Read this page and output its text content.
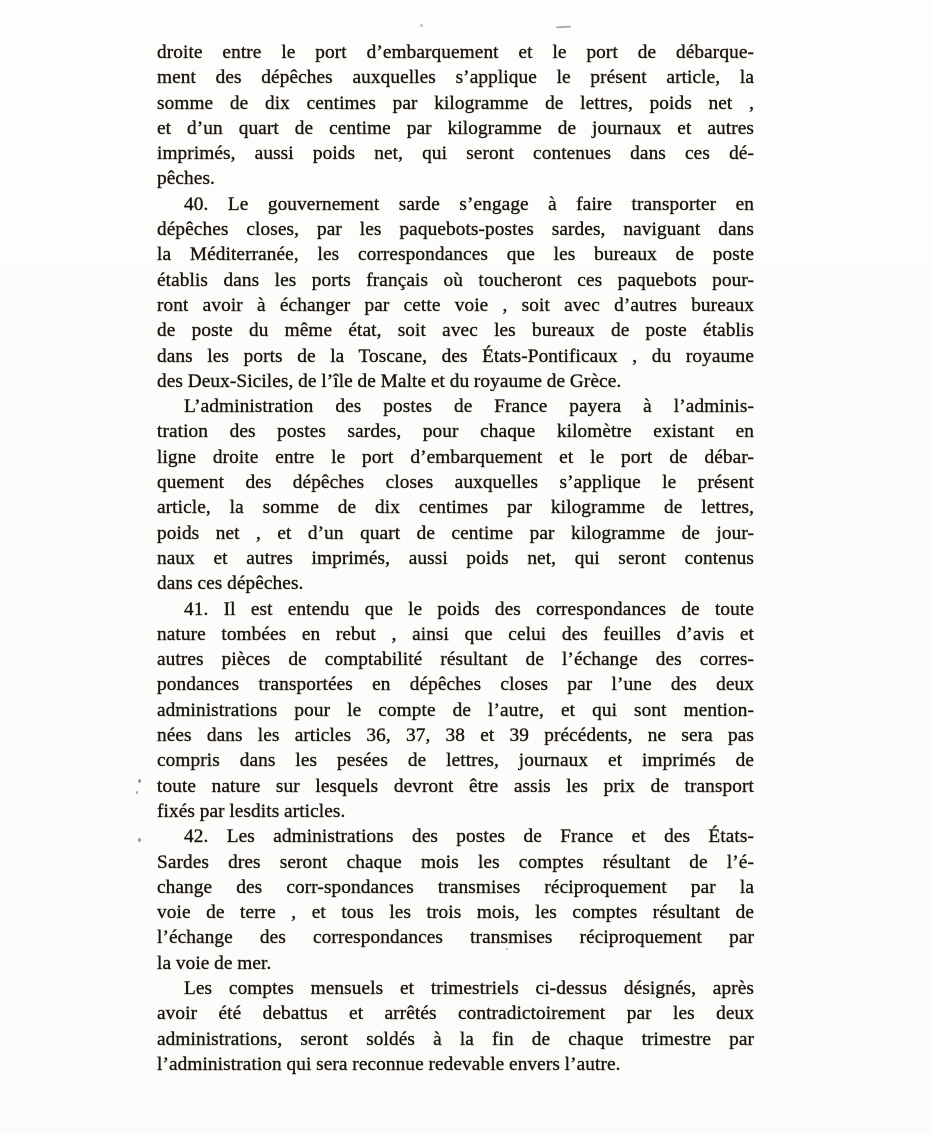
droite entre le port d’embarquement et le port de débarque-
ment des dépêches auxquelles s’applique le présent article, la
somme de dix centimes par kilogramme de lettres, poids net ,
et d’un quart de centime par kilogramme de journaux et autres
imprimés, aussi poids net, qui seront contenues dans ces dé-
pêches.
40. Le gouvernement sarde s’engage à faire transporter en
dépêches closes, par les paquebots-postes sardes, naviguant dans
la Méditerranée, les correspondances que les bureaux de poste
établis dans les ports français où toucheront ces paquebots pour-
ront avoir à échanger par cette voie , soit avec d’autres bureaux
de poste du même état, soit avec les bureaux de poste établis
dans les ports de la Toscane, des États-Pontificaux , du royaume
des Deux-Siciles, de l’île de Malte et du royaume de Grèce.
L’administration des postes de France payera à l’adminis-
tration des postes sardes, pour chaque kilomètre existant en
ligne droite entre le port d’embarquement et le port de débar-
quement des dépêches closes auxquelles s’applique le présent
article, la somme de dix centimes par kilogramme de lettres,
poids net , et d’un quart de centime par kilogramme de jour-
naux et autres imprimés, aussi poids net, qui seront contenus
dans ces dépêches.
41. Il est entendu que le poids des correspondances de toute
nature tombées en rebut , ainsi que celui des feuilles d’avis et
autres pièces de comptabilité résultant de l’échange des corres-
pondances transportées en dépêches closes par l’une des deux
administrations pour le compte de l’autre, et qui sont mention-
nées dans les articles 36, 37, 38 et 39 précédents, ne sera pas
compris dans les pesées de lettres, journaux et imprimés de
toute nature sur lesquels devront être assis les prix de transport
fixés par lesdits articles.
42. Les administrations des postes de France et des États-
Sardes dres seront chaque mois les comptes résultant de l’é-
change des corr-spondances transmises réciproquement par la
voie de terre , et tous les trois mois, les comptes résultant de
l’échange des correspondances transmises réciproquement par
la voie de mer.
Les comptes mensuels et trimestriels ci-dessus désignés, après
avoir été debattus et arrêtés contradictoirement par les deux
administrations, seront soldés à la fin de chaque trimestre par
l’administration qui sera reconnue redevable envers l’autre.
